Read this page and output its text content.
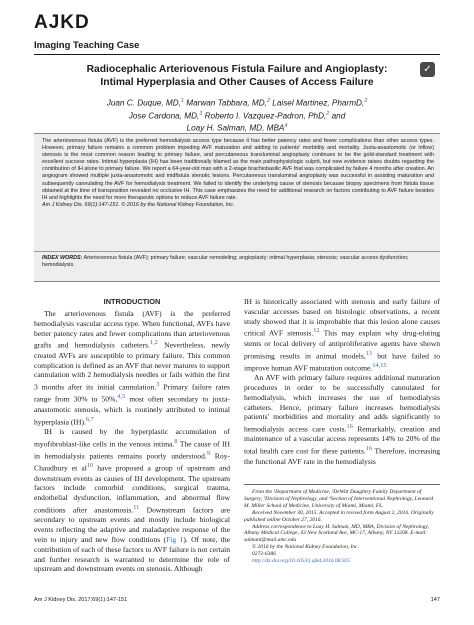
AJKD
Imaging Teaching Case
✓
Radiocephalic Arteriovenous Fistula Failure and Angioplasty:
Intimal Hyperplasia and Other Causes of Access Failure
Juan C. Duque, MD,$^1$ Marwan Tabbara, MD,$^2$ Laisel Martinez, PharmD,$^2$
Jose Cardona, MD,$^3$ Roberto I. Vazquez-Padron, PhD,$^2$ and
Loay H. Salman, MD, MBA$^4$
The arteriovenous fistula (AVF) is the preferred hemodialysis access type because it has better patency rates and fewer complications than other access types. However, primary failure remains a common problem impeding AVF maturation and adding to patients' morbidity and mortality. Juxta-anastomotic (or inflow) stenosis is the most common reason leading to primary failure, and percutaneous transluminal angioplasty continues to be the gold-standard treatment with excellent success rates. Intimal hyperplasia (IH) has been traditionally blamed as the main pathophysiologic culprit, but new evidence raises doubts regarding the contribution of IH alone to primary failure. We report a 64-year-old man with a 2-stage brachiobasilic AVF that was complicated by failure 4 months after creation. An angiogram showed multiple juxta-anastomotic and midfistula stenotic lesions. Percutaneous transluminal angioplasty was successful in assisting maturation and subsequently cannulating the AVF for hemodialysis treatment. We failed to identify the underlying cause of stenosis because biopsy specimens from fistula tissue obtained at the time of transposition revealed no occlusive IH. This case emphasizes the need for additional research on factors contributing to AVF failure besides IH and highlights the need for more therapeutic options to reduce AVF failure rate.
Am J Kidney Dis. 69(1):147-151. © 2016 by the National Kidney Foundation, Inc.
INDEX WORDS: Arteriovenous fistula (AVF); primary failure; vascular remodeling; angioplasty; intimal hyperplasia; stenosis; vascular access dysfunction; hemodialysis.
INTRODUCTION

The arteriovenous fistula (AVF) is the preferred hemodialysis vascular access type. When functional, AVFs have better patency rates and fewer complications than arteriovenous grafts and hemodialysis catheters.$^{1,2}$ Nevertheless, newly created AVFs are susceptible to primary failure. This common complication is defined as an AVF that never matures to support cannulation with 2 hemodialysis needles or fails within the first 3 months after its initial cannulation.$^3$ Primary failure rates range from 30% to 50%,$^{4,5}$ most often secondary to juxta-anastomotic stenosis, which is routinely attributed to intimal hyperplasia (IH).$^{6,7}$

IH is caused by the hyperplastic accumulation of myofibroblast-like cells in the venous intima.$^8$ The cause of IH in hemodialysis patients remains poorly understood.$^9$ Roy-Chaudhury et al$^{10}$ have proposed a group of upstream and downstream events as causes of IH development. The upstream factors include comorbid conditions, surgical trauma, endothelial dysfunction, inflammation, and abnormal flow conditions after anastomosis.$^{11}$ Downstream factors are secondary to upstream events and mostly include biological events reflecting the adaptive and maladaptive response of the vein to injury and new flow conditions (Fig 1). Of note, the contribution of each of these factors to AVF failure is not certain and further research is warranted to determine the role of upstream and downstream events on stenosis. Although

IH is historically associated with stenosis and early failure of vascular accesses based on histologic observations, a recent study showed that it is improbable that this lesion alone causes critical AVF stenosis.$^{12}$ This may explain why drug-eluting stents or local delivery of antiproliferative agents have shown promising results in animal models,$^{13}$ but have failed to improve human AVF maturation outcome.$^{14,15}$

An AVF with primary failure requires additional maturation procedures in order to be successfully cannulated for hemodialysis, which increases the use of hemodialysis catheters. Hence, primary failure increases hemodialysis patients' morbidities and mortality and adds significantly to hemodialysis access care costs.$^{16}$ Remarkably, creation and maintenance of a vascular access represents 14% to 20% of the total health care cost for these patients.$^{16}$ Therefore, increasing the functional AVF rate in the hemodialysis

From the ¹Department of Medicine, ²DeWitt Daughtry Family Department of Surgery, ³Division of Nephrology, and ⁴Section of Interventional Nephrology, Leonard M. Miller School of Medicine, University of Miami, Miami, FL.

Received November 30, 2015. Accepted in revised form August 2, 2016. Originally published online October 27, 2016.

Address correspondence to Loay H. Salman, MD, MBA, Division of Nephrology, Albany Medical College, 43 New Scotland Ave, MC-17, Albany, NY 12208. E-mail: salmanl@mail.amc.edu

© 2016 by the National Kidney Foundation, Inc.

0272-6386

http://dx.doi.org/10.1053/j.ajkd.2016.08.025

Am J Kidney Dis. 2017;69(1):147-151	147
